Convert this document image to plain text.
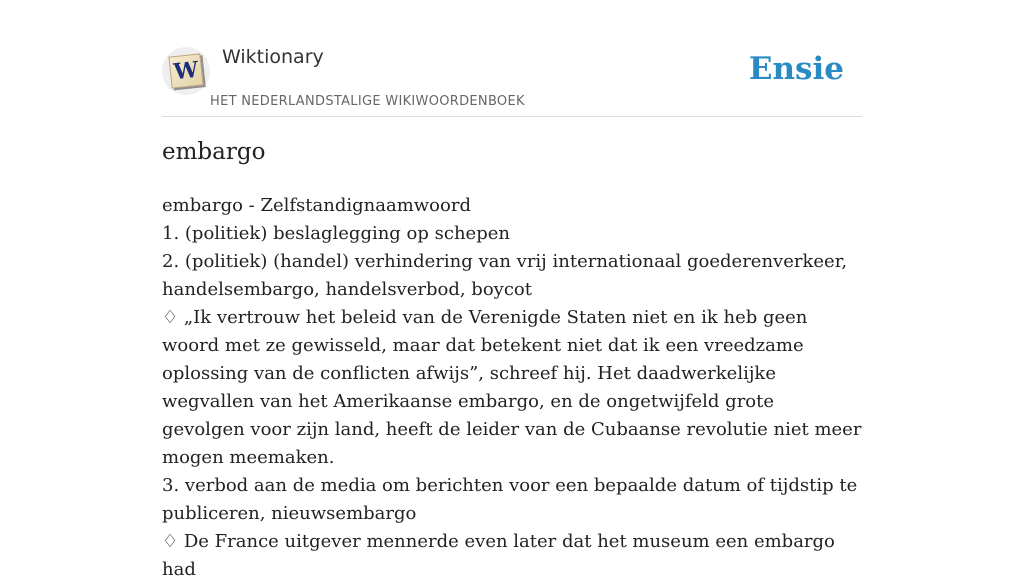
W Wiktionary
HET NEDERLANDSTALIGE WIKIWOORDENBOEK
Ensie
embargo

embargo - Zelfstandignaamwoord

1. (politiek) beslaglegging op schepen

2. (politiek) (handel) verhindering van vrij internationaal goederenverkeer, handelsembargo, handelsverbod, boycot

♢ „Ik vertrouw het beleid van de Verenigde Staten niet en ik heb geen woord met ze gewisseld, maar dat betekent niet dat ik een vreedzame oplossing van de conflicten afwijs”, schreef hij. Het daadwerkelijke wegvallen van het Amerikaanse embargo, en de ongetwijfeld grote gevolgen voor zijn land, heeft de leider van de Cubaanse revolutie niet meer mogen meemaken.

3. verbod aan de media om berichten voor een bepaalde datum of tijdstip te publiceren, nieuwsembargo

♢ De France uitgever mennerde even later dat het museum een embargo had
